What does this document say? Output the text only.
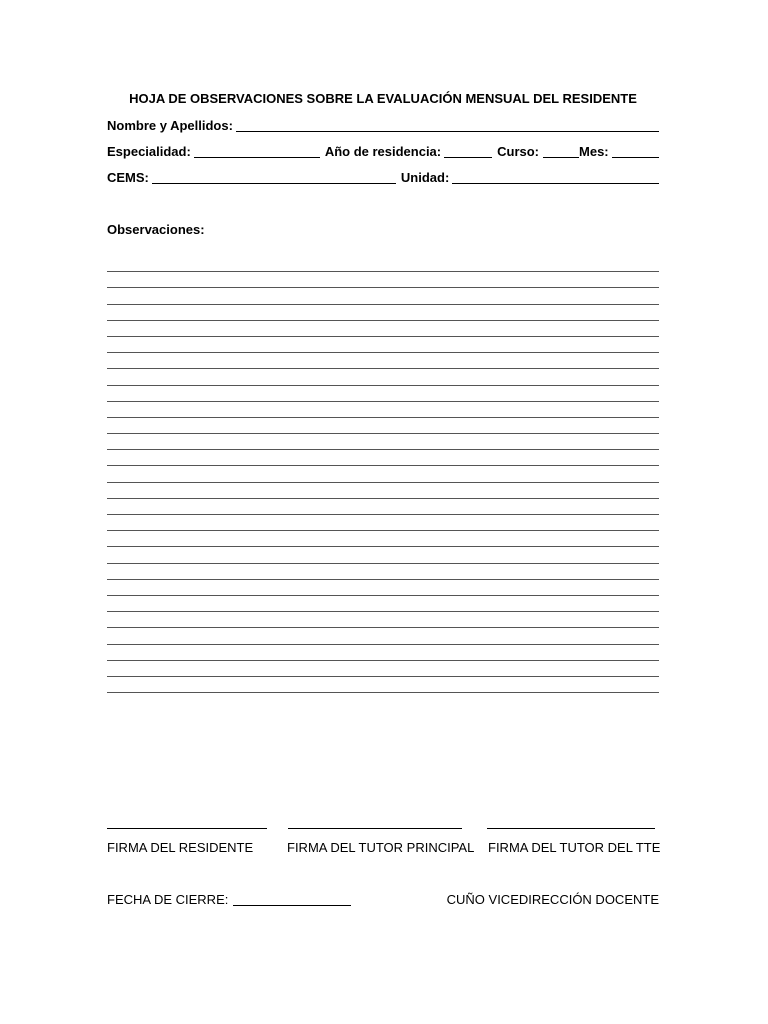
HOJA DE OBSERVACIONES SOBRE LA EVALUACIÓN MENSUAL DEL RESIDENTE
Nombre y Apellidos:
Especialidad:	Año de residencia:	Curso:	Mes:
CEMS:	Unidad:
Observaciones:
FIRMA DEL RESIDENTE	FIRMA DEL TUTOR PRINCIPAL FIRMA DEL TUTOR DEL TTE
FECHA DE CIERRE:	CUÑO VICEDIRECCIÓN DOCENTE
